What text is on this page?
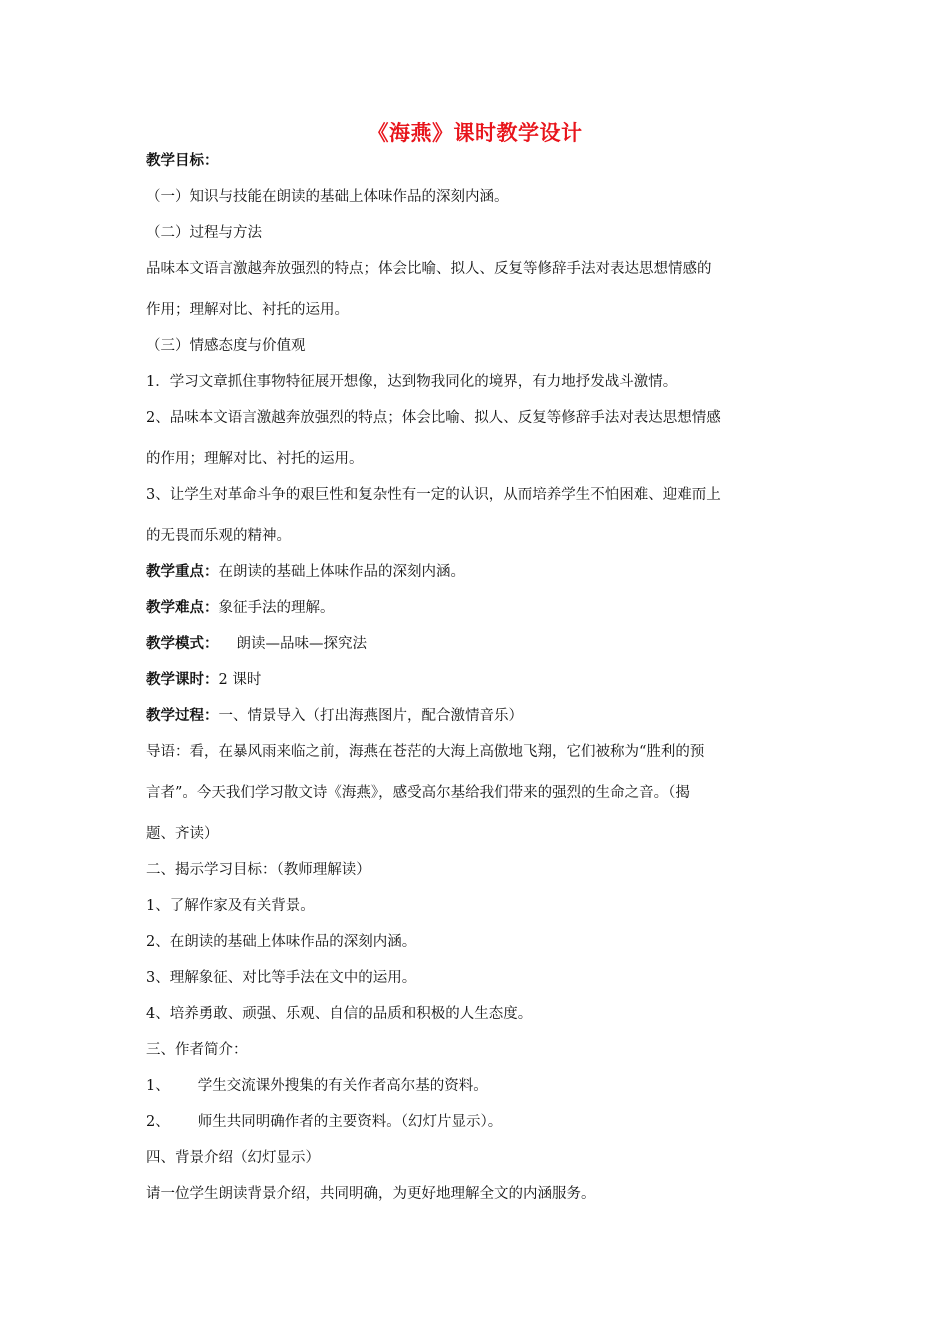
《海燕》课时教学设计
教学目标：
（一）知识与技能在朗读的基础上体味作品的深刻内涵。
（二）过程与方法
品味本文语言激越奔放强烈的特点；体会比喻、拟人、反复等修辞手法对表达思想情感的
作用；理解对比、衬托的运用。
（三）情感态度与价值观
1．学习文章抓住事物特征展开想像，达到物我同化的境界，有力地抒发战斗激情。
2、品味本文语言激越奔放强烈的特点；体会比喻、拟人、反复等修辞手法对表达思想情感
的作用；理解对比、衬托的运用。
3、让学生对革命斗争的艰巨性和复杂性有一定的认识，从而培养学生不怕困难、迎难而上
的无畏而乐观的精神。
教学重点：在朗读的基础上体味作品的深刻内涵。
教学难点：象征手法的理解。
教学模式： 朗读—品味—探究法
教学课时：2 课时
教学过程：一、情景导入（打出海燕图片，配合激情音乐）
导语：看，在暴风雨来临之前，海燕在苍茫的大海上高傲地飞翔，它们被称为“胜利的预
言者”。今天我们学习散文诗《海燕》，感受高尔基给我们带来的强烈的生命之音。（揭
题、齐读）
二、揭示学习目标：（教师理解读）
1、了解作家及有关背景。
2、在朗读的基础上体味作品的深刻内涵。
3、理解象征、对比等手法在文中的运用。
4、培养勇敢、顽强、乐观、自信的品质和积极的人生态度。
三、作者简介：
1、 学生交流课外搜集的有关作者高尔基的资料。
2、 师生共同明确作者的主要资料。（幻灯片显示）。
四、背景介绍（幻灯显示）
请一位学生朗读背景介绍，共同明确，为更好地理解全文的内涵服务。
